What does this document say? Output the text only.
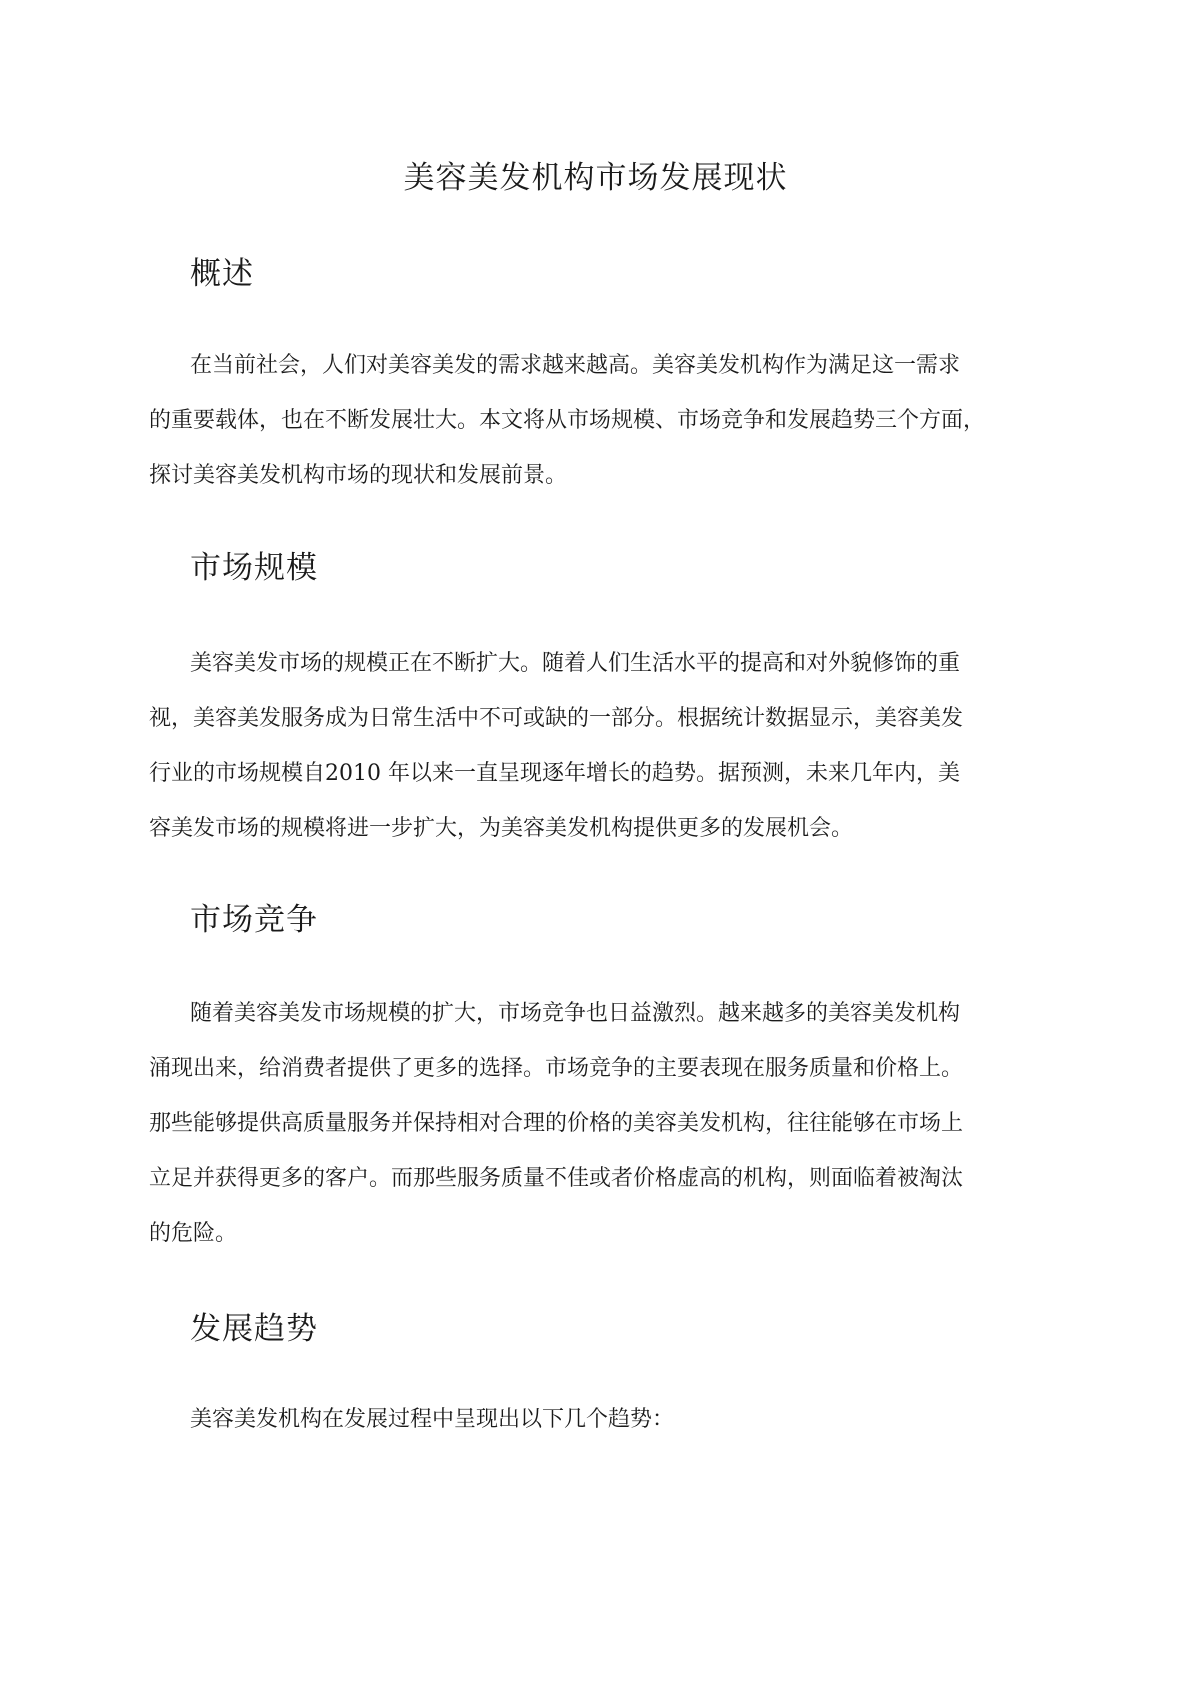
美容美发机构市场发展现状
概述
在当前社会，人们对美容美发的需求越来越高。美容美发机构作为满足这一需求
的重要载体，也在不断发展壮大。本文将从市场规模、市场竞争和发展趋势三个方面，
探讨美容美发机构市场的现状和发展前景。
市场规模
美容美发市场的规模正在不断扩大。随着人们生活水平的提高和对外貌修饰的重
视，美容美发服务成为日常生活中不可或缺的一部分。根据统计数据显示，美容美发
行业的市场规模自2010 年以来一直呈现逐年增长的趋势。据预测，未来几年内，美
容美发市场的规模将进一步扩大，为美容美发机构提供更多的发展机会。
市场竞争
随着美容美发市场规模的扩大，市场竞争也日益激烈。越来越多的美容美发机构
涌现出来，给消费者提供了更多的选择。市场竞争的主要表现在服务质量和价格上。
那些能够提供高质量服务并保持相对合理的价格的美容美发机构，往往能够在市场上
立足并获得更多的客户。而那些服务质量不佳或者价格虚高的机构，则面临着被淘汰
的危险。
发展趋势
美容美发机构在发展过程中呈现出以下几个趋势：
